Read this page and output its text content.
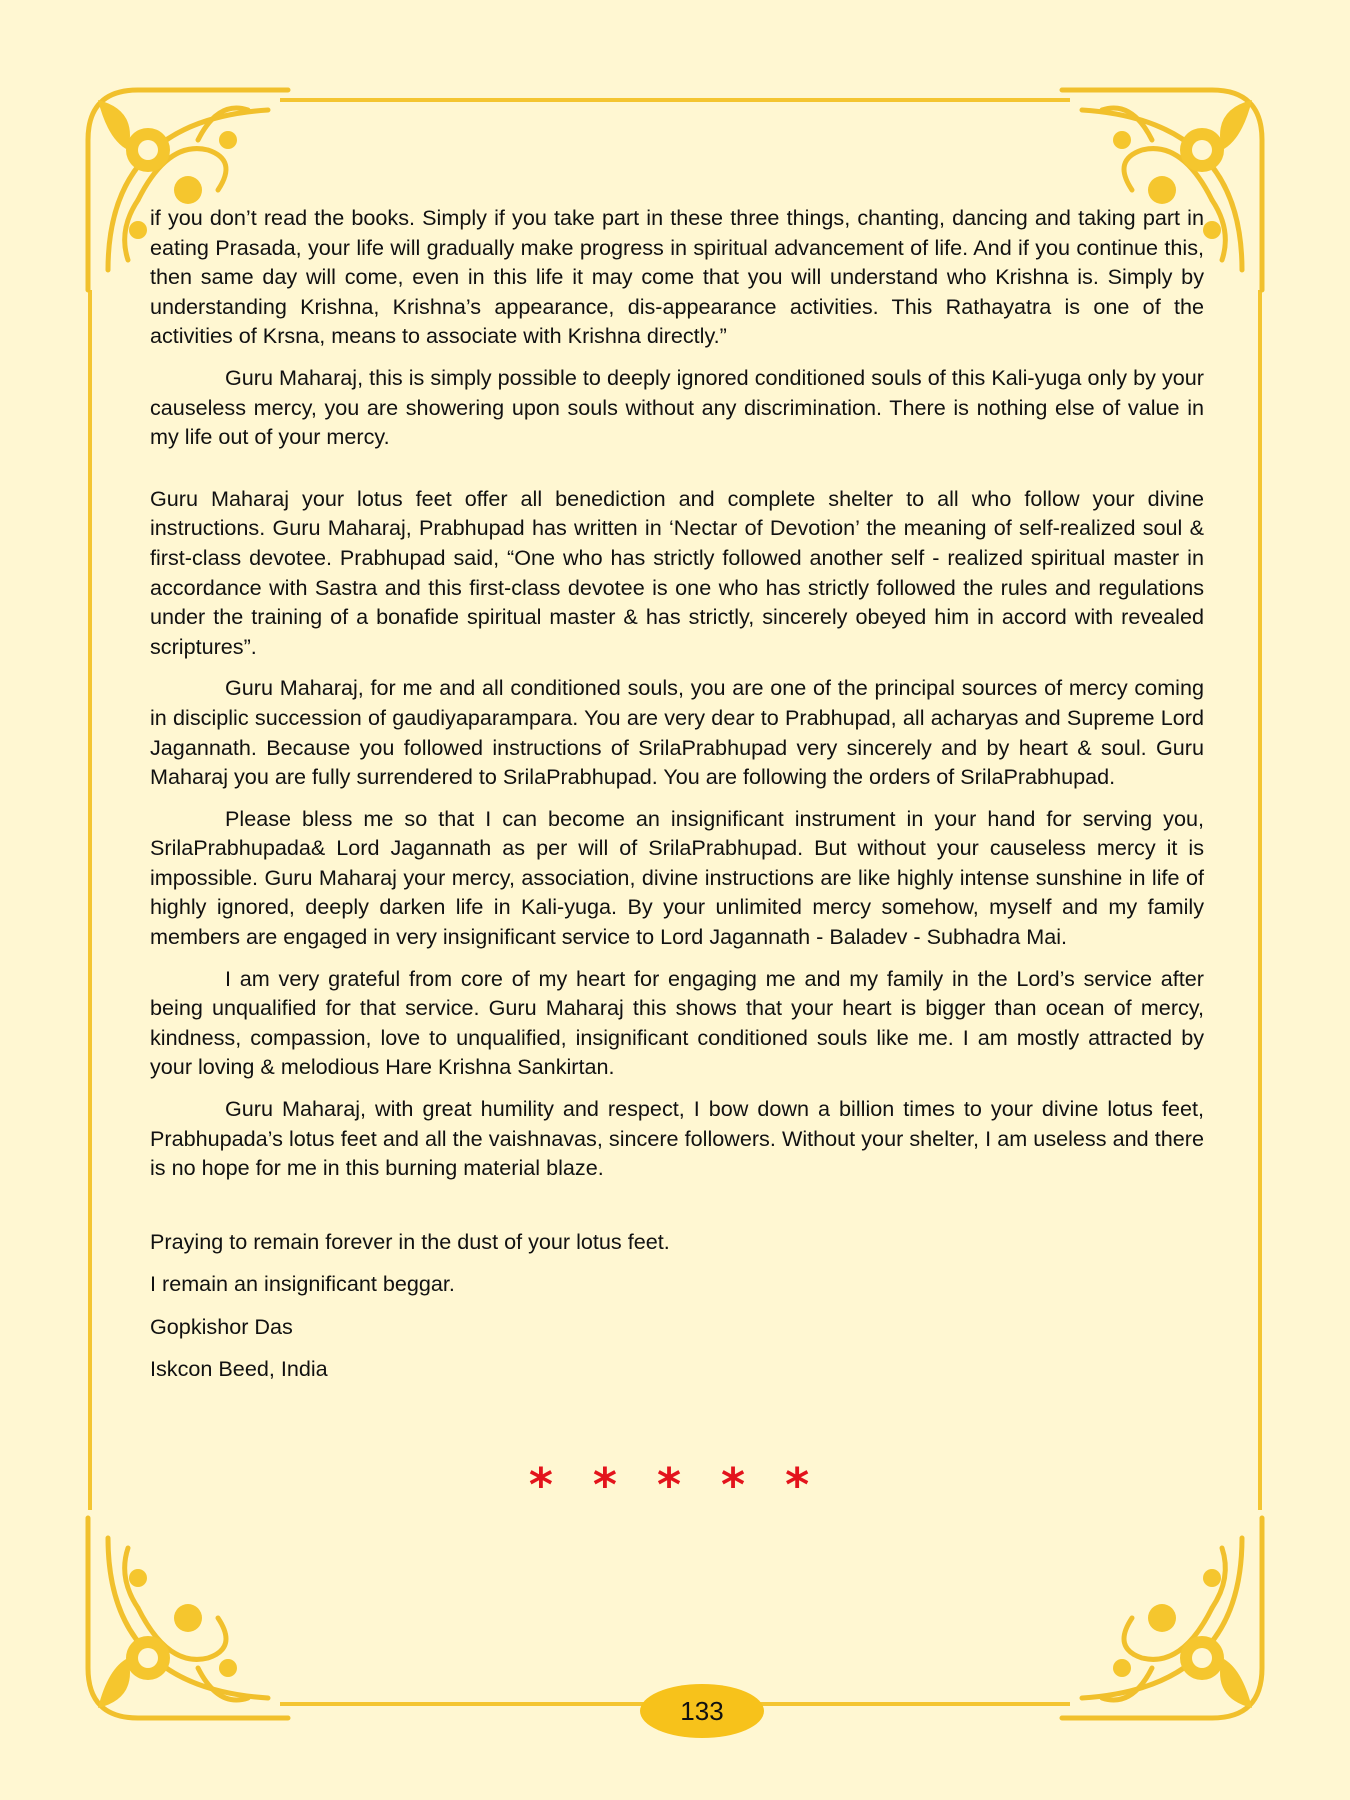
if you don’t read the books. Simply if you take part in these three things, chanting, dancing and taking part in eating Prasada, your life will gradually make progress in spiritual advancement of life. And if you continue this, then same day will come, even in this life it may come that you will understand who Krishna is. Simply by understanding Krishna, Krishna’s appearance, dis-appearance activities. This Rathayatra is one of the activities of Krsna, means to associate with Krishna directly.”

Guru Maharaj, this is simply possible to deeply ignored conditioned souls of this Kali-yuga only by your causeless mercy, you are showering upon souls without any discrimination. There is nothing else of value in my life out of your mercy.

Guru Maharaj your lotus feet offer all benediction and complete shelter to all who follow your divine instructions. Guru Maharaj, Prabhupad has written in ‘Nectar of Devotion’ the meaning of self-realized soul & first-class devotee. Prabhupad said, “One who has strictly followed another self - realized spiritual master in accordance with Sastra and this first-class devotee is one who has strictly followed the rules and regulations under the training of a bonafide spiritual master & has strictly, sincerely obeyed him in accord with revealed scriptures”.

Guru Maharaj, for me and all conditioned souls, you are one of the principal sources of mercy coming in disciplic succession of gaudiyaparampara. You are very dear to Prabhupad, all acharyas and Supreme Lord Jagannath. Because you followed instructions of SrilaPrabhupad very sincerely and by heart & soul. Guru Maharaj you are fully surrendered to SrilaPrabhupad. You are following the orders of SrilaPrabhupad.

Please bless me so that I can become an insignificant instrument in your hand for serving you, SrilaPrabhupada& Lord Jagannath as per will of SrilaPrabhupad. But without your causeless mercy it is impossible. Guru Maharaj your mercy, association, divine instructions are like highly intense sunshine in life of highly ignored, deeply darken life in Kali-yuga. By your unlimited mercy somehow, myself and my family members are engaged in very insignificant service to Lord Jagannath - Baladev - Subhadra Mai.

I am very grateful from core of my heart for engaging me and my family in the Lord’s service after being unqualified for that service. Guru Maharaj this shows that your heart is bigger than ocean of mercy, kindness, compassion, love to unqualified, insignificant conditioned souls like me. I am mostly attracted by your loving & melodious Hare Krishna Sankirtan.

Guru Maharaj, with great humility and respect, I bow down a billion times to your divine lotus feet, Prabhupada’s lotus feet and all the vaishnavas, sincere followers. Without your shelter, I am useless and there is no hope for me in this burning material blaze.

Praying to remain forever in the dust of your lotus feet.

I remain an insignificant beggar.

Gopkishor Das

Iskcon Beed, India

* * * * *
133
